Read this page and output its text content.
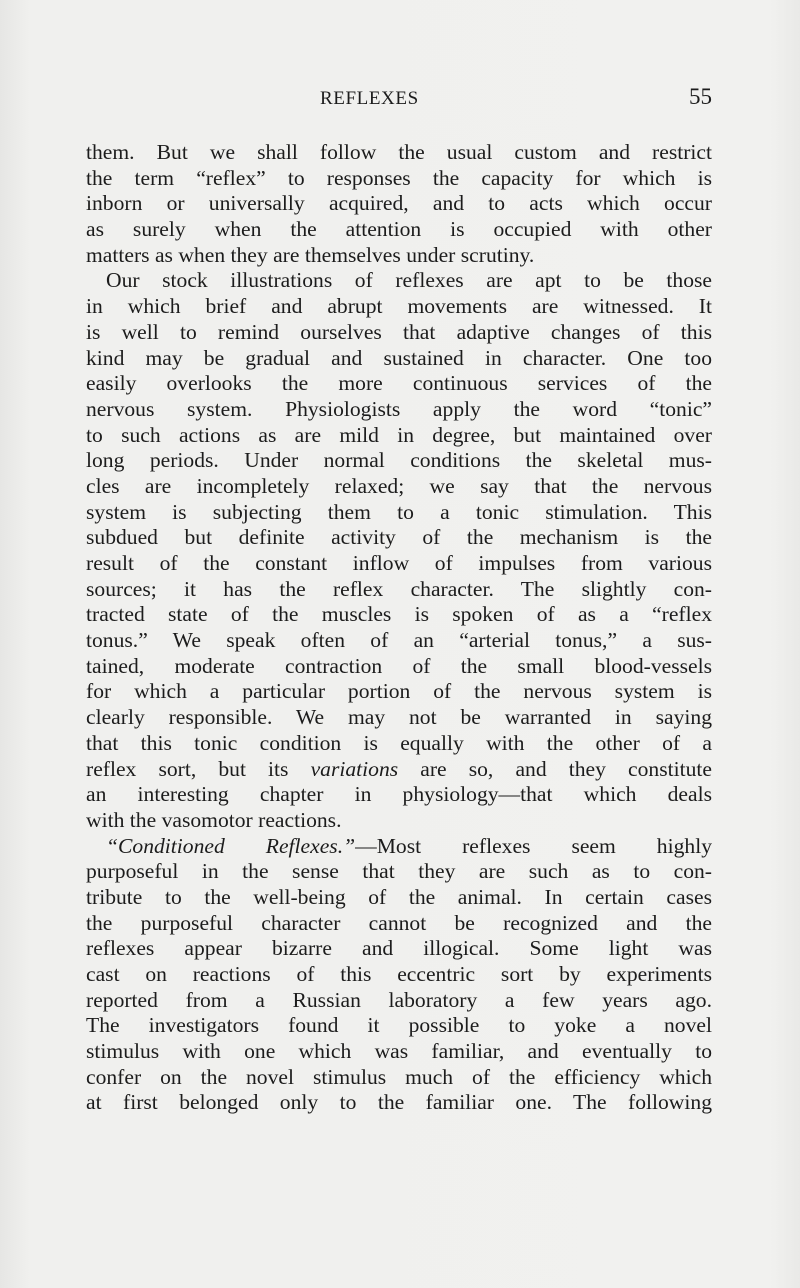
REFLEXES	55
them. But we shall follow the usual custom and restrict
the term “reflex” to responses the capacity for which is
inborn or universally acquired, and to acts which occur
as surely when the attention is occupied with other
matters as when they are themselves under scrutiny.
Our stock illustrations of reflexes are apt to be those
in which brief and abrupt movements are witnessed. It
is well to remind ourselves that adaptive changes of this
kind may be gradual and sustained in character. One too
easily overlooks the more continuous services of the
nervous system. Physiologists apply the word “tonic”
to such actions as are mild in degree, but maintained over
long periods. Under normal conditions the skeletal mus-
cles are incompletely relaxed; we say that the nervous
system is subjecting them to a tonic stimulation. This
subdued but definite activity of the mechanism is the
result of the constant inflow of impulses from various
sources; it has the reflex character. The slightly con-
tracted state of the muscles is spoken of as a “reflex
tonus.” We speak often of an “arterial tonus,” a sus-
tained, moderate contraction of the small blood-vessels
for which a particular portion of the nervous system is
clearly responsible. We may not be warranted in saying
that this tonic condition is equally with the other of a
reflex sort, but its variations are so, and they constitute
an interesting chapter in physiology—that which deals
with the vasomotor reactions.
“Conditioned Reflexes.”—Most reflexes seem highly
purposeful in the sense that they are such as to con-
tribute to the well-being of the animal. In certain cases
the purposeful character cannot be recognized and the
reflexes appear bizarre and illogical. Some light was
cast on reactions of this eccentric sort by experiments
reported from a Russian laboratory a few years ago.
The investigators found it possible to yoke a novel
stimulus with one which was familiar, and eventually to
confer on the novel stimulus much of the efficiency which
at first belonged only to the familiar one. The following
